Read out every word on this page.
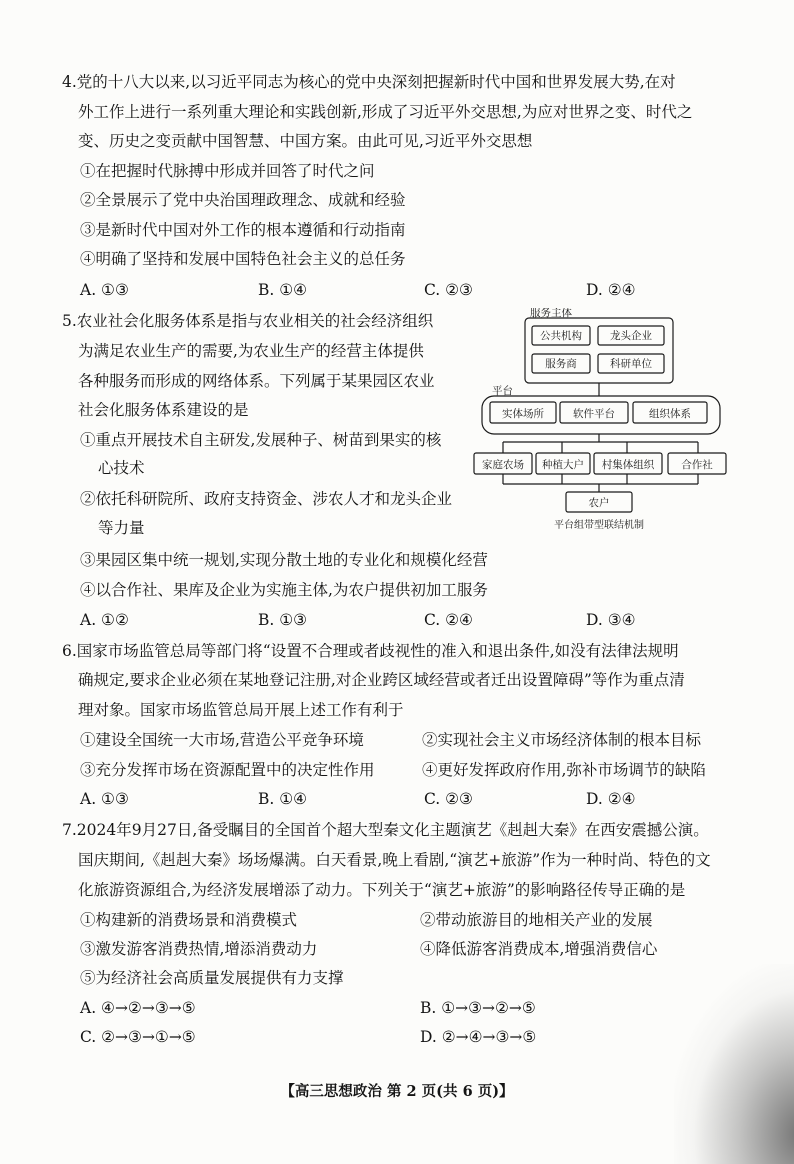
4.党的十八大以来,以习近平同志为核心的党中央深刻把握新时代中国和世界发展大势,在对
外工作上进行一系列重大理论和实践创新,形成了习近平外交思想,为应对世界之变、时代之
变、历史之变贡献中国智慧、中国方案。由此可见,习近平外交思想
①在把握时代脉搏中形成并回答了时代之问
②全景展示了党中央治国理政理念、成就和经验
③是新时代中国对外工作的根本遵循和行动指南
④明确了坚持和发展中国特色社会主义的总任务
A. ①③	B. ①④	C. ②③	D. ②④
5.农业社会化服务体系是指与农业相关的社会经济组织
为满足农业生产的需要,为农业生产的经营主体提供
各种服务而形成的网络体系。下列属于某果园区农业
社会化服务体系建设的是
①重点开展技术自主研发,发展种子、树苗到果实的核
心技术
②依托科研院所、政府支持资金、涉农人才和龙头企业
等力量
③果园区集中统一规划,实现分散土地的专业化和规模化经营
④以合作社、果库及企业为实施主体,为农户提供初加工服务
A. ①②	B. ①③	C. ②④	D. ③④
服务主体
公共机构	龙头企业
服务商	科研单位
平台
实体场所	软件平台	组织体系
家庭农场 种植大户 村集体组织	合作社
农户
平台组带型联结机制
6.国家市场监管总局等部门将“设置不合理或者歧视性的准入和退出条件,如没有法律法规明
确规定,要求企业必须在某地登记注册,对企业跨区域经营或者迁出设置障碍”等作为重点清
理对象。国家市场监管总局开展上述工作有利于
①建设全国统一大市场,营造公平竞争环境	②实现社会主义市场经济体制的根本目标
③充分发挥市场在资源配置中的决定性作用	④更好发挥政府作用,弥补市场调节的缺陷
A. ①③	B. ①④	C. ②③	D. ②④
7.2024年9月27日,备受瞩目的全国首个超大型秦文化主题演艺《赳赳大秦》在西安震撼公演。
国庆期间,《赳赳大秦》场场爆满。白天看景,晚上看剧,“演艺+旅游”作为一种时尚、特色的文
化旅游资源组合,为经济发展增添了动力。下列关于“演艺+旅游”的影响路径传导正确的是
①构建新的消费场景和消费模式	②带动旅游目的地相关产业的发展
③激发游客消费热情,增添消费动力	④降低游客消费成本,增强消费信心
⑤为经济社会高质量发展提供有力支撑
A. ④→②→③→⑤	B. ①→③→②→⑤
C. ②→③→①→⑤	D. ②→④→③→⑤
【高三思想政治 第 2 页(共 6 页)】
